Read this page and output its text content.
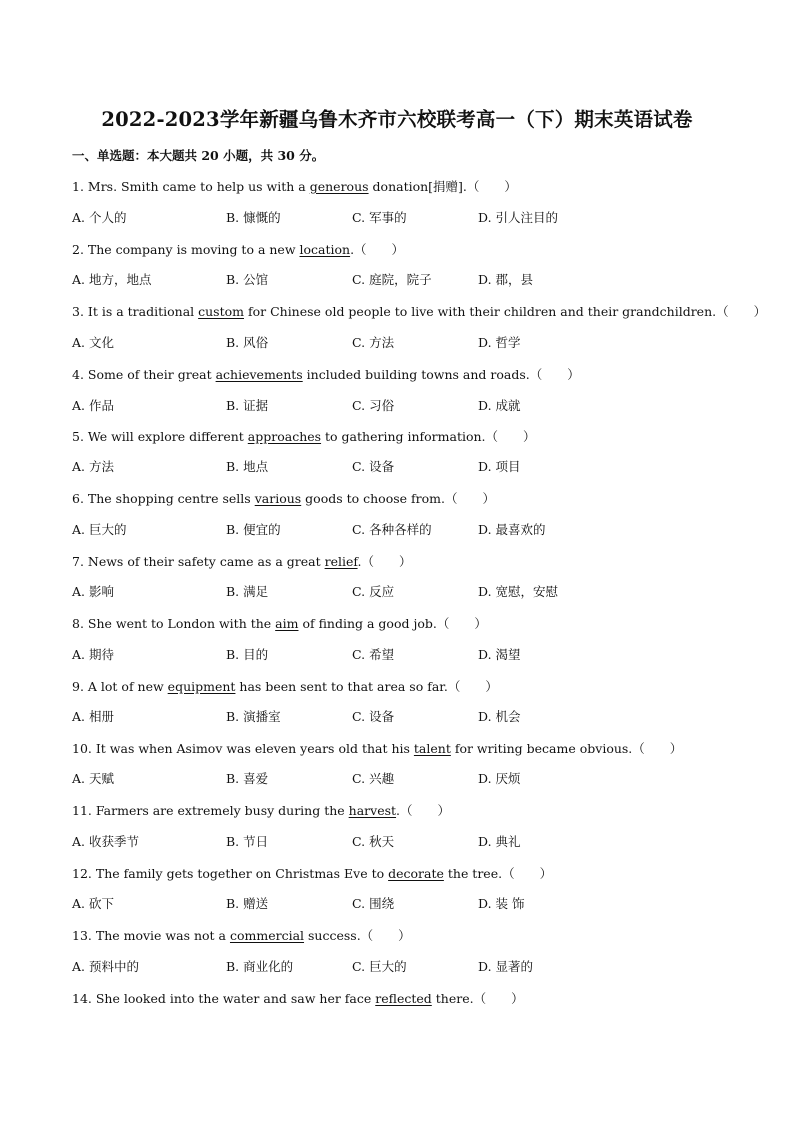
2022-2023学年新疆乌鲁木齐市六校联考高一（下）期末英语试卷
一、单选题：本大题共 20 小题，共 30 分。
1. Mrs. Smith came to help us with a generous donation[捐赠].（　　）
A. 个人的	B. 慷慨的	C. 军事的	D. 引人注目的
2. The company is moving to a new location.（　　）
A. 地方，地点	B. 公馆	C. 庭院，院子	D. 郡，县
3. It is a traditional custom for Chinese old people to live with their children and their grandchildren.（　　）
A. 文化	B. 风俗	C. 方法	D. 哲学
4. Some of their great achievements included building towns and roads.（　　）
A. 作品	B. 证据	C. 习俗	D. 成就
5. We will explore different approaches to gathering information.（　　）
A. 方法	B. 地点	C. 设备	D. 项目
6. The shopping centre sells various goods to choose from.（　　）
A. 巨大的	B. 便宜的	C. 各种各样的	D. 最喜欢的
7. News of their safety came as a great relief.（　　）
A. 影响	B. 满足	C. 反应	D. 宽慰，安慰
8. She went to London with the aim of finding a good job.（　　）
A. 期待	B. 目的	C. 希望	D. 渴望
9. A lot of new equipment has been sent to that area so far.（　　）
A. 相册	B. 演播室	C. 设备	D. 机会
10. It was when Asimov was eleven years old that his talent for writing became obvious.（　　）
A. 天赋	B. 喜爱	C. 兴趣	D. 厌烦
11. Farmers are extremely busy during the harvest.（　　）
A. 收获季节	B. 节日	C. 秋天	D. 典礼
12. The family gets together on Christmas Eve to decorate the tree.（　　）
A. 砍下	B. 赠送	C. 围绕	D. 装 饰
13. The movie was not a commercial success.（　　）
A. 预料中的	B. 商业化的	C. 巨大的	D. 显著的
14. She looked into the water and saw her face reflected there.（　　）
